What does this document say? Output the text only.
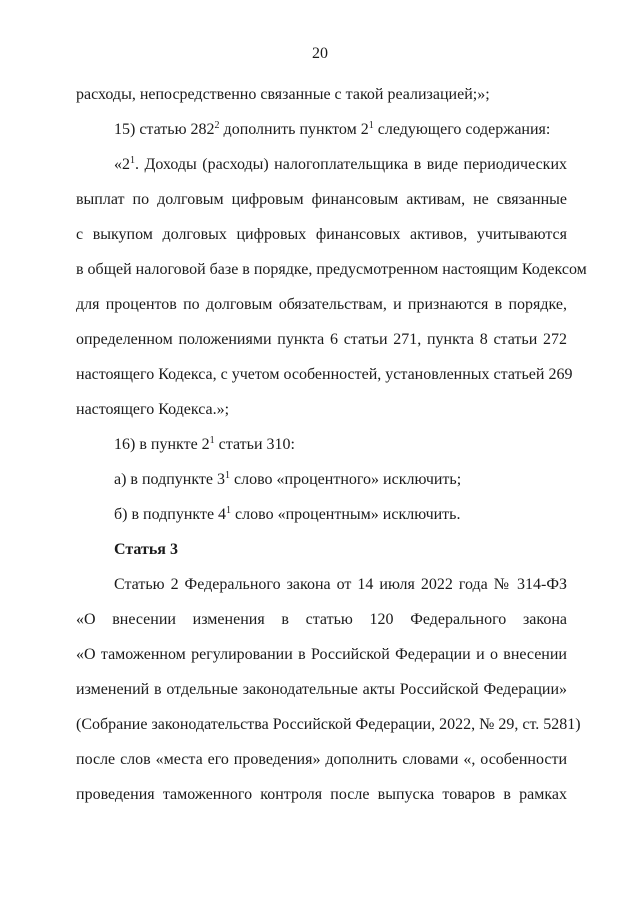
20
расходы, непосредственно связанные с такой реализацией;»;
15) статью $282^2$ дополнить пунктом $2^1$ следующего содержания:
«$2^1$. Доходы (расходы) налогоплательщика в виде периодических
выплат по долговым цифровым финансовым активам, не связанные
с выкупом долговых цифровых финансовых активов, учитываются
в общей налоговой базе в порядке, предусмотренном настоящим Кодексом
для процентов по долговым обязательствам, и признаются в порядке,
определенном положениями пункта 6 статьи 271, пункта 8 статьи 272
настоящего Кодекса, с учетом особенностей, установленных статьей 269
настоящего Кодекса.»;
16) в пункте $2^1$ статьи 310:
а) в подпункте $3^1$ слово «процентного» исключить;
б) в подпункте $4^1$ слово «процентным» исключить.
Статья 3
Статью 2 Федерального закона от 14 июля 2022 года № 314-ФЗ
«О внесении изменения в статью 120 Федерального закона
«О таможенном регулировании в Российской Федерации и о внесении
изменений в отдельные законодательные акты Российской Федерации»
(Собрание законодательства Российской Федерации, 2022, № 29, ст. 5281)
после слов «места его проведения» дополнить словами «, особенности
проведения таможенного контроля после выпуска товаров в рамках
